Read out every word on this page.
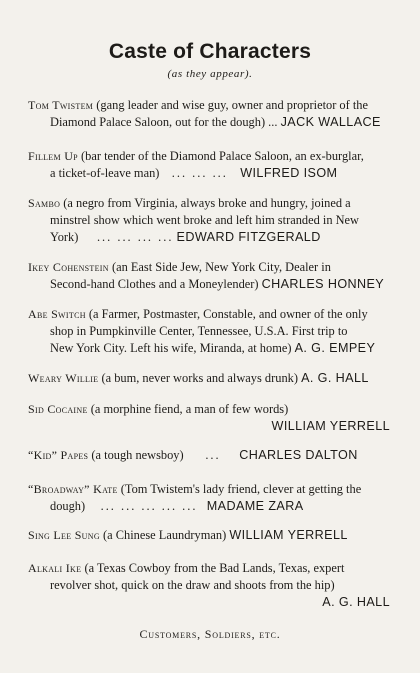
Caste of Characters
(as they appear).
Tom Twistem (gang leader and wise guy, owner and proprietor of the
Diamond Palace Saloon, out for the dough) ... JACK WALLACE
Fillem Up (bar tender of the Diamond Palace Saloon, an ex-burglar,
a ticket-of-leave man) ... ... ... WILFRED ISOM
Sambo (a negro from Virginia, always broke and hungry, joined a
minstrel show which went broke and left him stranded in New
York) ... ... ... ... EDWARD FITZGERALD
Ikey Cohenstein (an East Side Jew, New York City, Dealer in
Second-hand Clothes and a Moneylender) CHARLES HONNEY
Abe Switch (a Farmer, Postmaster, Constable, and owner of the only
shop in Pumpkinville Center, Tennessee, U.S.A. First trip to
New York City. Left his wife, Miranda, at home) A. G. EMPEY
Weary Willie (a bum, never works and always drunk) A. G. HALL
Sid Cocaine (a morphine fiend, a man of few words)
WILLIAM YERRELL
“Kid” Papes (a tough newsboy) ... CHARLES DALTON
“Broadway” Kate (Tom Twistem's lady friend, clever at getting the
dough) ... ... ... ... ... MADAME ZARA
Sing Lee Sung (a Chinese Laundryman) WILLIAM YERRELL
Alkali Ike (a Texas Cowboy from the Bad Lands, Texas, expert
revolver shot, quick on the draw and shoots from the hip)
A. G. HALL
Customers, Soldiers, etc.
